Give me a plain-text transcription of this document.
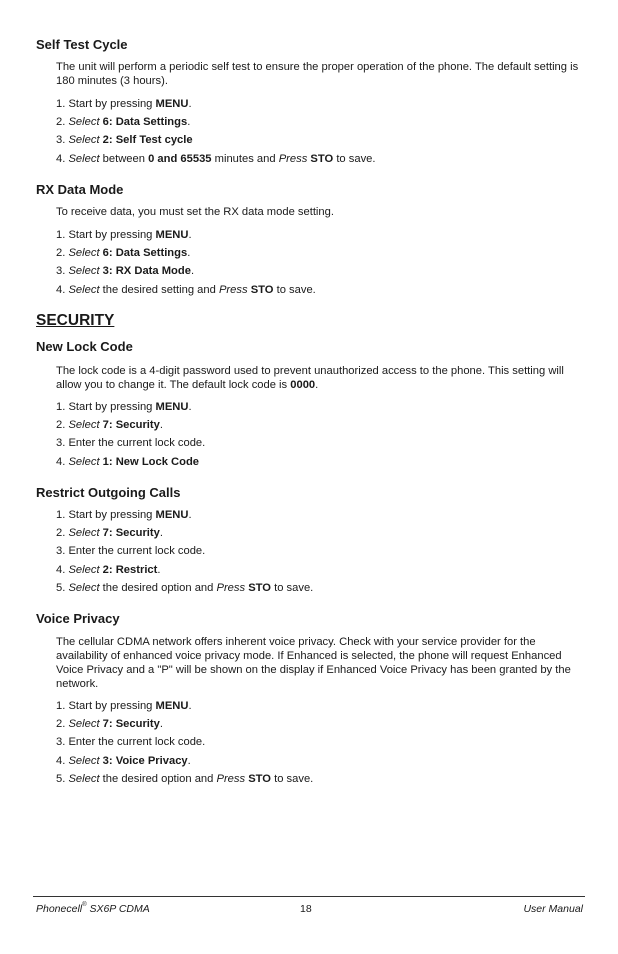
Self Test Cycle

The unit will perform a periodic self test to ensure the proper operation of the phone. The default setting is 180 minutes (3 hours).

1. Start by pressing MENU.
2. Select 6: Data Settings.
3. Select 2: Self Test cycle
4. Select between 0 and 65535 minutes and Press STO to save.
RX Data Mode

To receive data, you must set the RX data mode setting.

1. Start by pressing MENU.
2. Select 6: Data Settings.
3. Select 3: RX Data Mode.
4. Select the desired setting and Press STO to save.
SECURITY
New Lock Code

The lock code is a 4-digit password used to prevent unauthorized access to the phone. This setting will allow you to change it. The default lock code is 0000.

1. Start by pressing MENU.
2. Select 7: Security.
3. Enter the current lock code.
4. Select 1: New Lock Code
Restrict Outgoing Calls
1. Start by pressing MENU.
2. Select 7: Security.
3. Enter the current lock code.
4. Select 2: Restrict.
5. Select the desired option and Press STO to save.
Voice Privacy

The cellular CDMA network offers inherent voice privacy. Check with your service provider for the availability of enhanced voice privacy mode. If Enhanced is selected, the phone will request Enhanced Voice Privacy and a "P" will be shown on the display if Enhanced Voice Privacy has been granted by the network.

1. Start by pressing MENU.
2. Select 7: Security.
3. Enter the current lock code.
4. Select 3: Voice Privacy.
5. Select the desired option and Press STO to save.
Phonecell® SX6P CDMA	18	User Manual
